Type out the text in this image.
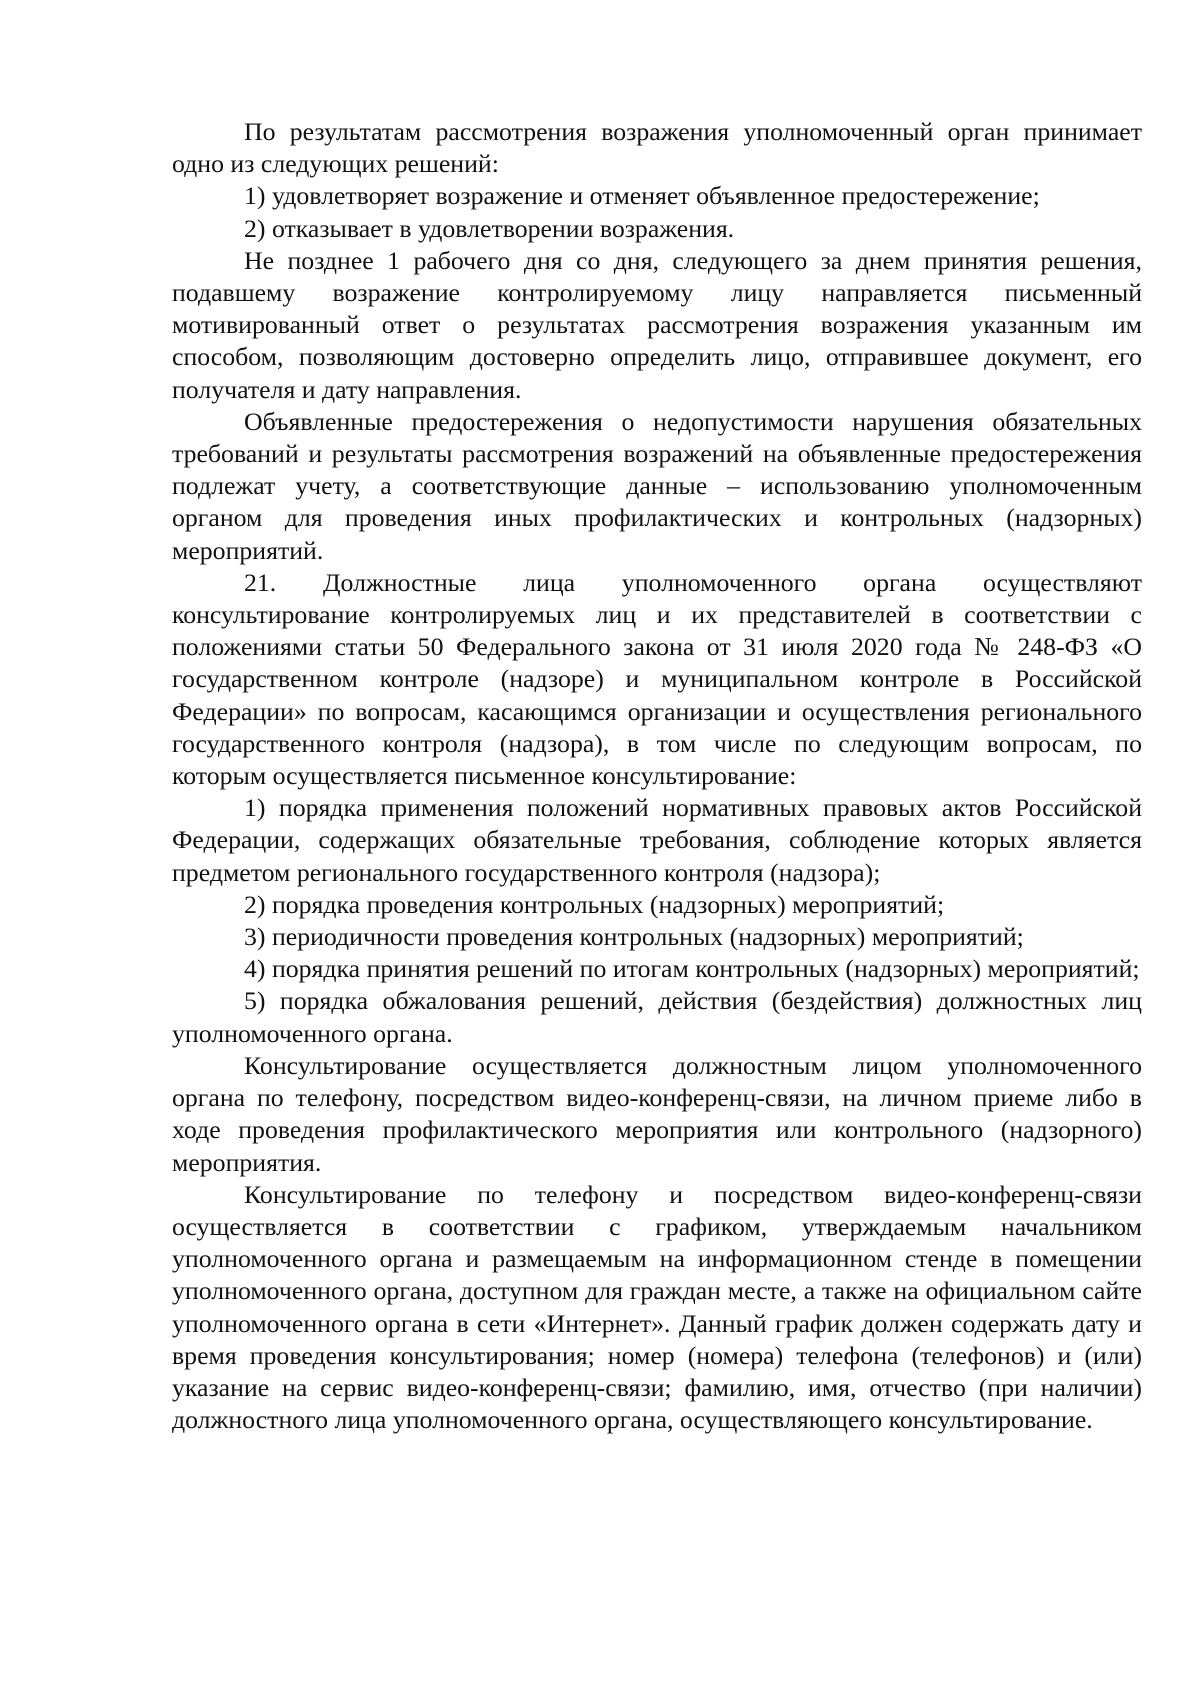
По результатам рассмотрения возражения уполномоченный орган принимает одно из следующих решений:

1) удовлетворяет возражение и отменяет объявленное предостережение;

2) отказывает в удовлетворении возражения.

Не позднее 1 рабочего дня со дня, следующего за днем принятия решения, подавшему возражение контролируемому лицу направляется письменный мотивированный ответ о результатах рассмотрения возражения указанным им способом, позволяющим достоверно определить лицо, отправившее документ, его получателя и дату направления.

Объявленные предостережения о недопустимости нарушения обязательных требований и результаты рассмотрения возражений на объявленные предостережения подлежат учету, а соответствующие данные – использованию уполномоченным органом для проведения иных профилактических и контрольных (надзорных) мероприятий.

21. Должностные лица уполномоченного органа осуществляют консультирование контролируемых лиц и их представителей в соответствии с положениями статьи 50 Федерального закона от 31 июля 2020 года № 248-ФЗ «О государственном контроле (надзоре) и муниципальном контроле в Российской Федерации» по вопросам, касающимся организации и осуществления регионального государственного контроля (надзора), в том числе по следующим вопросам, по которым осуществляется письменное консультирование:

1) порядка применения положений нормативных правовых актов Российской Федерации, содержащих обязательные требования, соблюдение которых является предметом регионального государственного контроля (надзора);

2) порядка проведения контрольных (надзорных) мероприятий;

3) периодичности проведения контрольных (надзорных) мероприятий;

4) порядка принятия решений по итогам контрольных (надзорных) мероприятий;

5) порядка обжалования решений, действия (бездействия) должностных лиц уполномоченного органа.

Консультирование осуществляется должностным лицом уполномоченного органа по телефону, посредством видео-конференц-связи, на личном приеме либо в ходе проведения профилактического мероприятия или контрольного (надзорного) мероприятия.

Консультирование по телефону и посредством видео-конференц-связи осуществляется в соответствии с графиком, утверждаемым начальником уполномоченного органа и размещаемым на информационном стенде в помещении уполномоченного органа, доступном для граждан месте, а также на официальном сайте уполномоченного органа в сети «Интернет». Данный график должен содержать дату и время проведения консультирования; номер (номера) телефона (телефонов) и (или) указание на сервис видео-конференц-связи; фамилию, имя, отчество (при наличии) должностного лица уполномоченного органа, осуществляющего консультирование.
